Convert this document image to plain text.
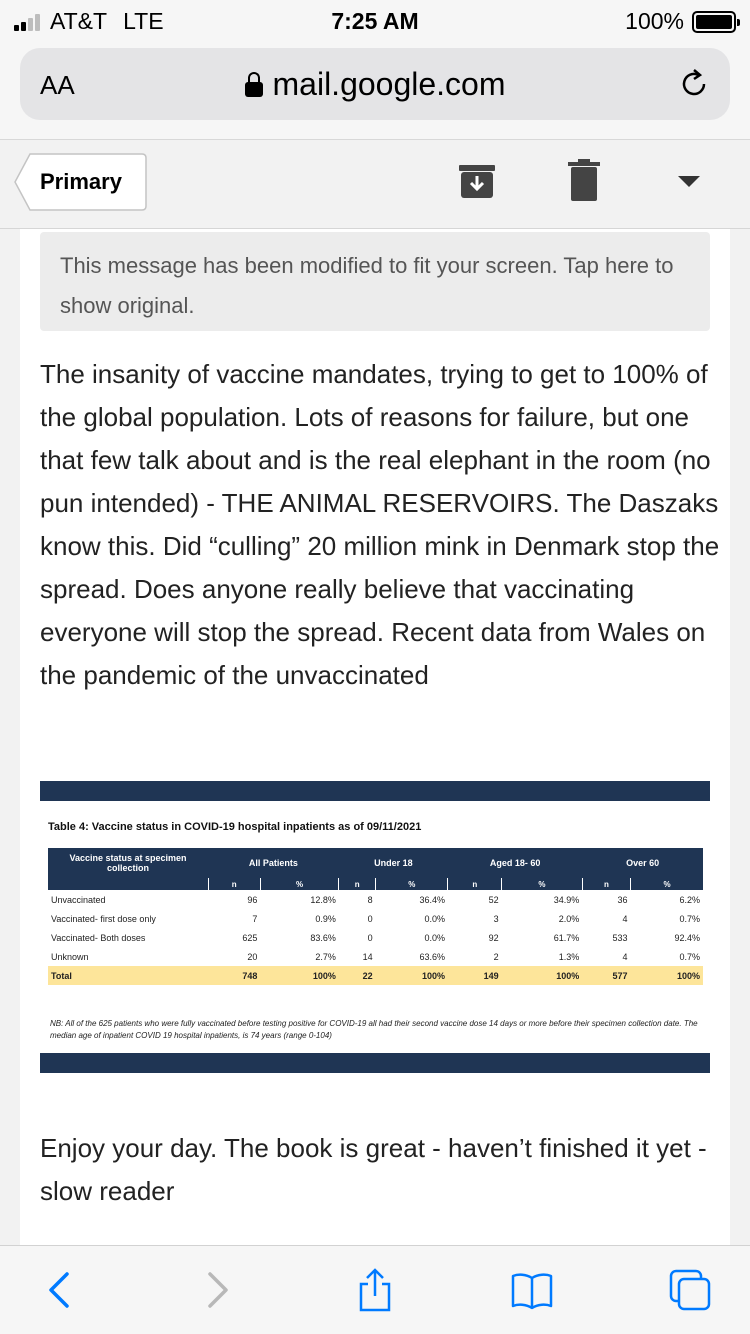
AT&T LTE	7:25 AM	100%
AA	mail.google.com
Primary
This message has been modified to fit your screen. Tap here to show original.
The insanity of vaccine mandates, trying to get to 100% of the global population. Lots of reasons for failure, but one that few talk about and is the real elephant in the room (no pun intended) - THE ANIMAL RESERVOIRS. The Daszaks know this. Did “culling” 20 million mink in Denmark stop the spread. Does anyone really believe that vaccinating everyone will stop the spread. Recent data from Wales on the pandemic of the unvaccinated
Table 4: Vaccine status in COVID-19 hospital inpatients as of 09/11/2021
Vaccine status at specimen collection	All Patients		Under 18		Aged 18- 60		Over 60	
	n	%	n	%	n	%	n	%
Unvaccinated	96	12.8%	8	36.4%	52	34.9%	36	6.2%
Vaccinated- first dose only	7	0.9%	0	0.0%	3	2.0%	4	0.7%
Vaccinated- Both doses	625	83.6%	0	0.0%	92	61.7%	533	92.4%
Unknown	20	2.7%	14	63.6%	2	1.3%	4	0.7%
Total	748	100%	22	100%	149	100%	577	100%
NB: All of the 625 patients who were fully vaccinated before testing positive for COVID-19 all had their second vaccine dose 14 days or more before their specimen collection date. The median age of inpatient COVID 19 hospital inpatients, is 74 years (range 0-104)
Enjoy your day. The book is great - haven’t finished it yet - slow reader
